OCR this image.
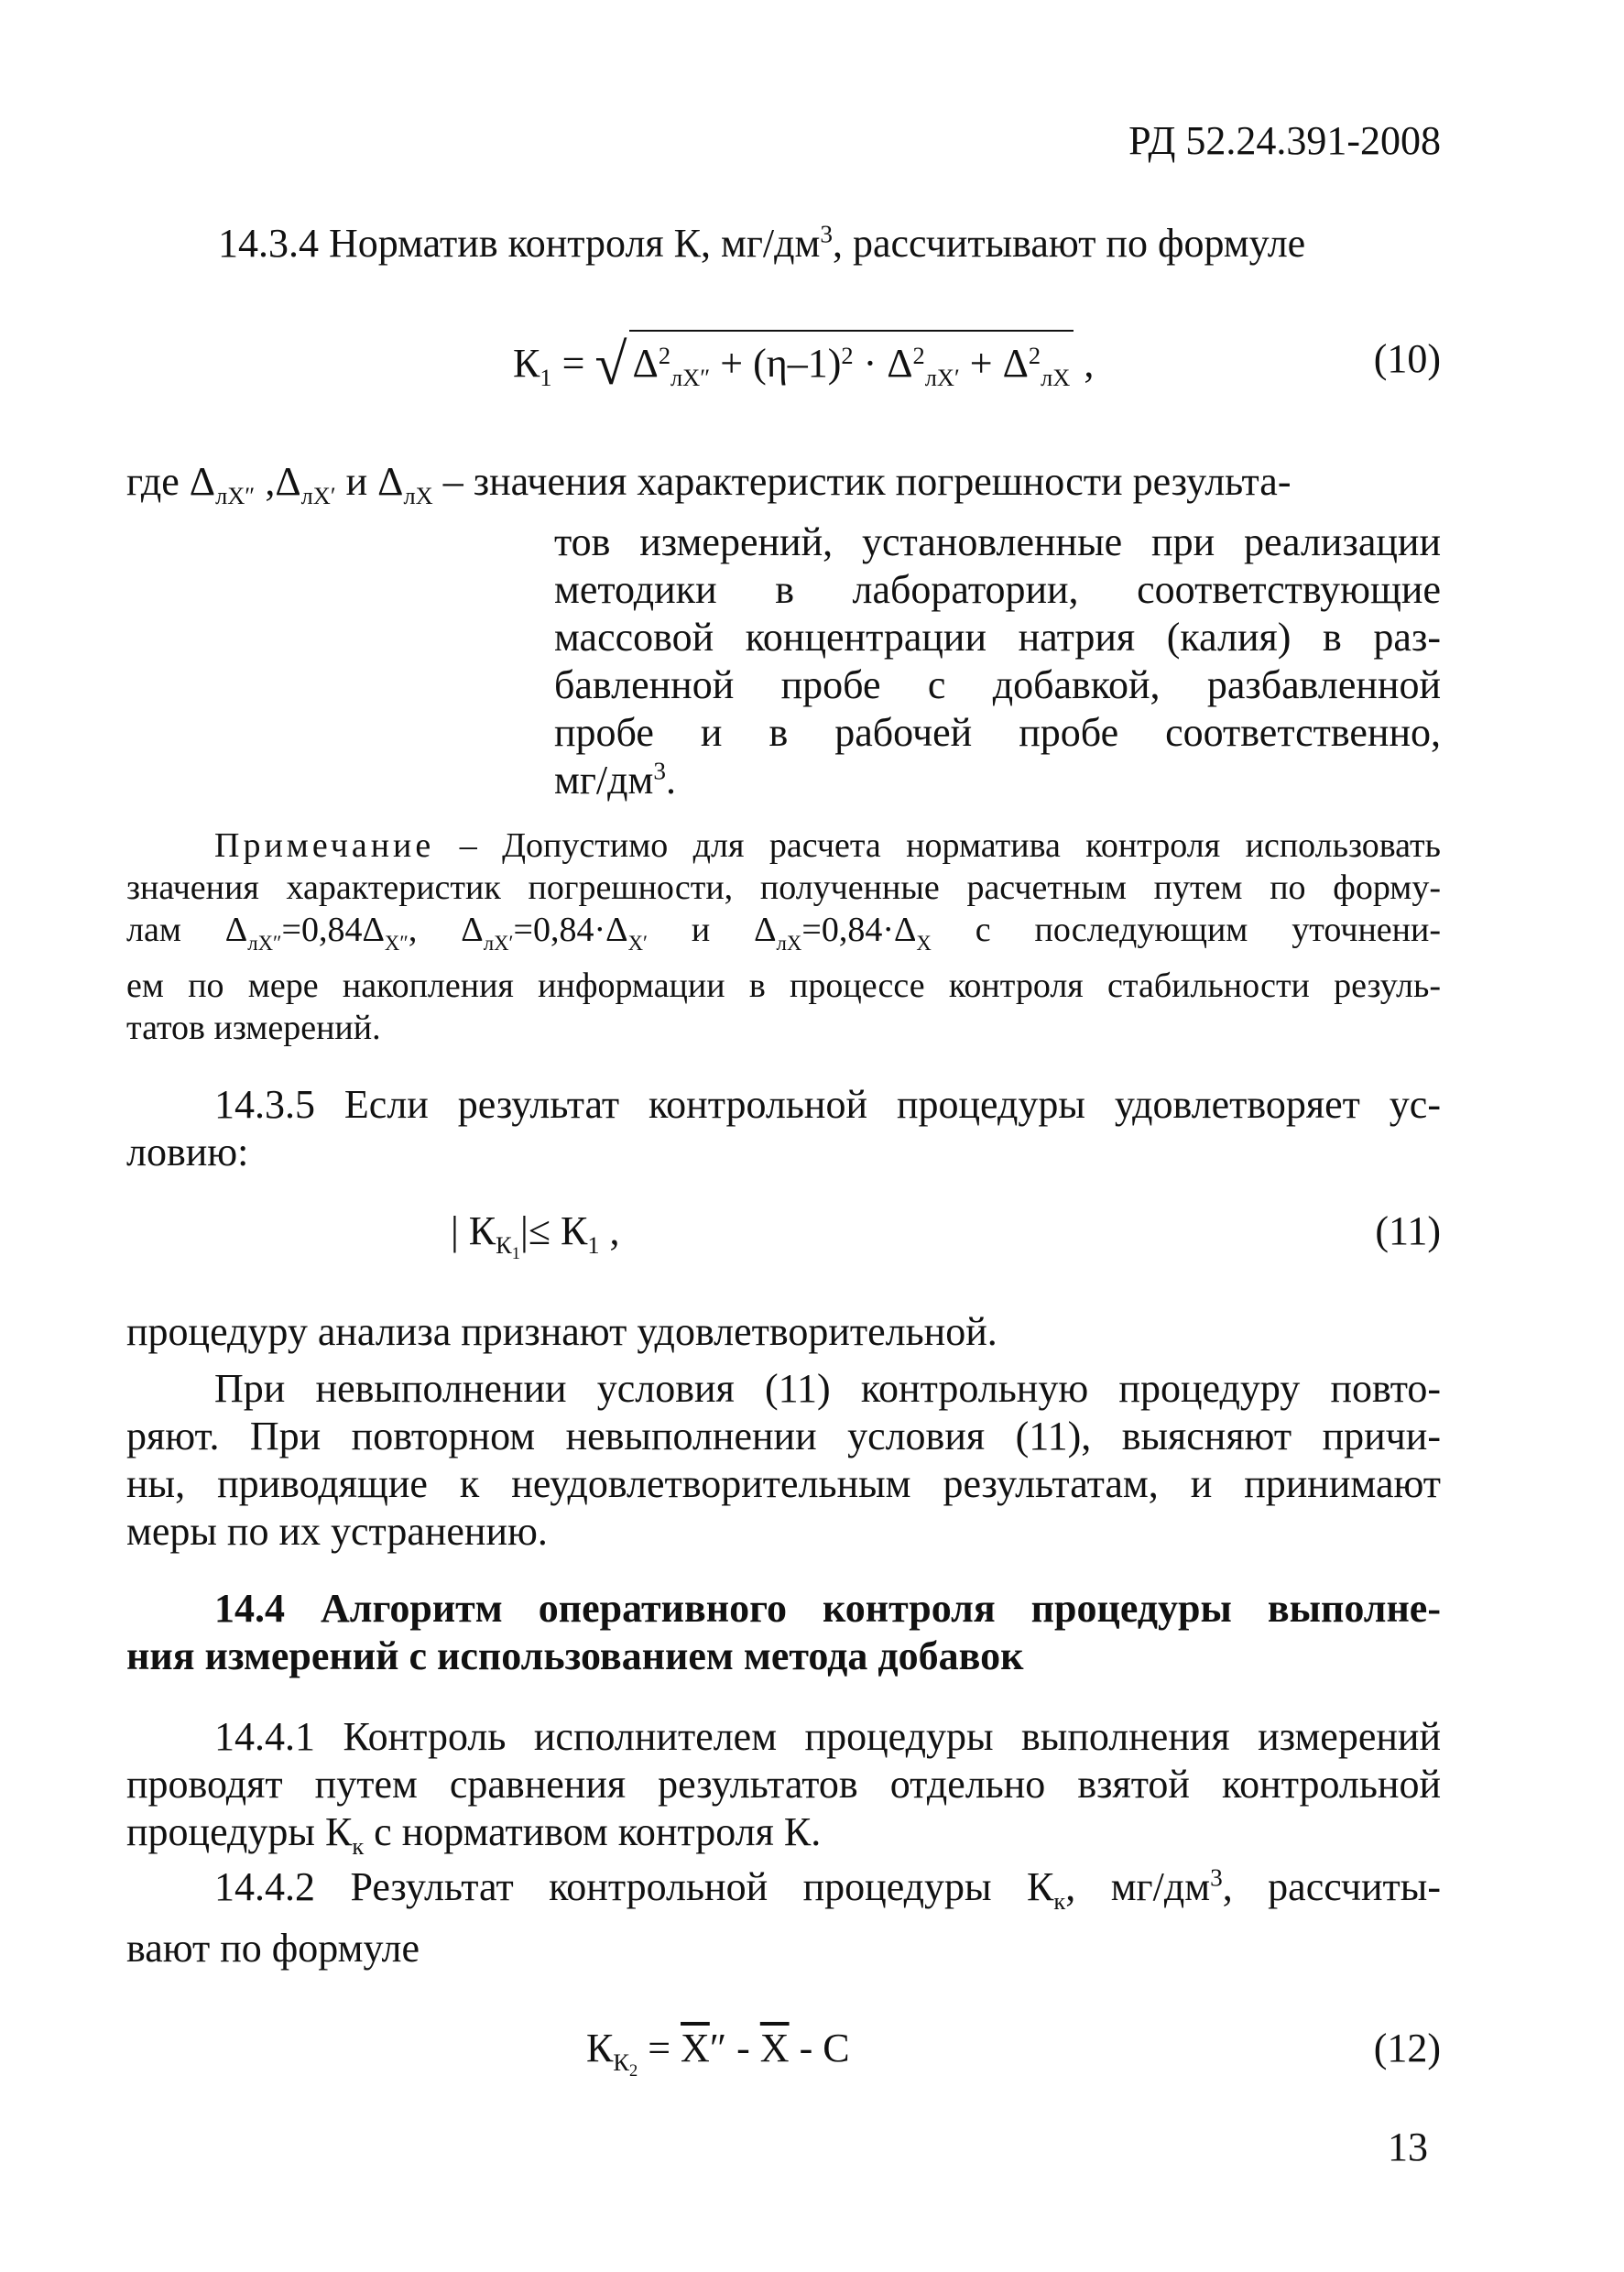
РД 52.24.391-2008
14.3.4 Норматив контроля К, $мг/дм^3$, рассчитывают по формуле
$К_1$ = √ $\Delta^2_{лХ''} + (\eta-1)^2 \cdot \Delta^2_{лХ'} + \Delta^2_{лХ}$ ,	(10)
где $\Delta_{лХ''}$ $,\Delta_{лХ'}$ и $\Delta_{лХ}$ – значения характеристик погрешности результа-
тов измерений, установленные при реализации
методики в лаборатории, соответствующие
массовой концентрации натрия (калия) в раз-
бавленной пробе с добавкой, разбавленной
пробе и в рабочей пробе соответственно,
$мг/дм^3$.
Примечание – Допустимо для расчета норматива контроля использовать
значения характеристик погрешности, полученные расчетным путем по форму-
лам $\Delta_{лХ''}=0,84\Delta_{Х''}$, $\Delta_{лХ'}=0,84\cdot\Delta_{Х'}$ и $\Delta_{лХ}=0,84\cdot\Delta_Х$ с последующим уточнени-
ем по мере накопления информации в процессе контроля стабильности резуль-
татов измерений.
14.3.5 Если результат контрольной процедуры удовлетворяет ус-
ловию:
| $К_{К_1}|\le К_1$ ,	(11)
процедуру анализа признают удовлетворительной.
При невыполнении условия (11) контрольную процедуру повто-
ряют. При повторном невыполнении условия (11), выясняют причи-
ны, приводящие к неудовлетворительным результатам, и принимают
меры по их устранению.
14.4 Алгоритм оперативного контроля процедуры выполне-
ния измерений с использованием метода добавок
14.4.1 Контроль исполнителем процедуры выполнения измерений
проводят путем сравнения результатов отдельно взятой контрольной
процедуры $К_к$ с нормативом контроля К.
14.4.2 Результат контрольной процедуры $К_к$, $мг/дм^3$, рассчиты-
вают по формуле
$К_{К_2} = \overline{X}'' - \overline{X} - С$	(12)
13
